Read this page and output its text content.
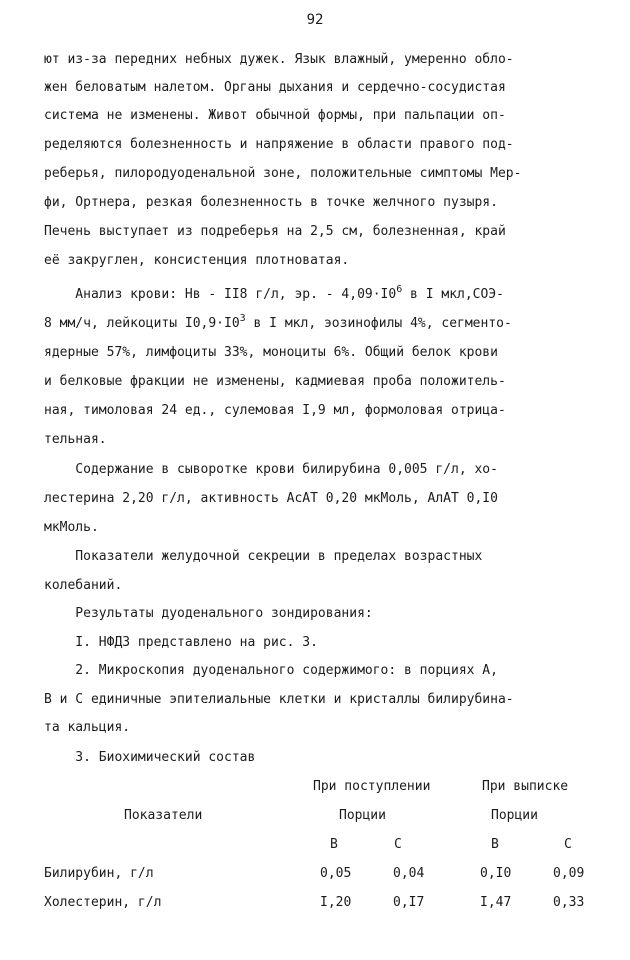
92
ют из-за передних небных дужек. Язык влажный, умеренно обло-
жен беловатым налетом. Органы дыхания и сердечно-сосудистая
система не изменены. Живот обычной формы, при пальпации оп-
ределяются болезненность и напряжение в области правого под-
реберья, пилородуоденальной зоне, положительные симптомы Мер-
фи, Ортнера, резкая болезненность в точке желчного пузыря.
Печень выступает из подреберья на 2,5 см, болезненная, край
её закруглен, консистенция плотноватая.
Анализ крови: Нв - II8 г/л, эр. - $4,09\cdot I0^6$ в I мкл,СОЭ-
8 мм/ч, лейкоциты $I0,9\cdot I0^3$ в I мкл, эозинофилы 4%, сегменто-
ядерные 57%, лимфоциты 33%, моноциты 6%. Общий белок крови
и белковые фракции не изменены, кадмиевая проба положитель-
ная, тимоловая 24 ед., сулемовая I,9 мл, формоловая отрица-
тельная.
Содержание в сыворотке крови билирубина 0,005 г/л, хо-
лестерина 2,20 г/л, активность АсАТ 0,20 мкМоль, АлАТ 0,I0
мкМоль.
Показатели желудочной секреции в пределах возрастных
колебаний.
Результаты дуоденального зондирования:
I. НФДЗ представлено на рис. 3.
2. Микроскопия дуоденального содержимого: в порциях А,
В и С единичные эпителиальные клетки и кристаллы билирубина-
та кальция.
3. Биохимический состав
При поступлении	При выписке
Показатели	Порции	Порции
В	С	В	С
Билирубин, г/л	0,05	0,04	0,I0	0,09
Холестерин, г/л	I,20	0,I7	I,47	0,33
